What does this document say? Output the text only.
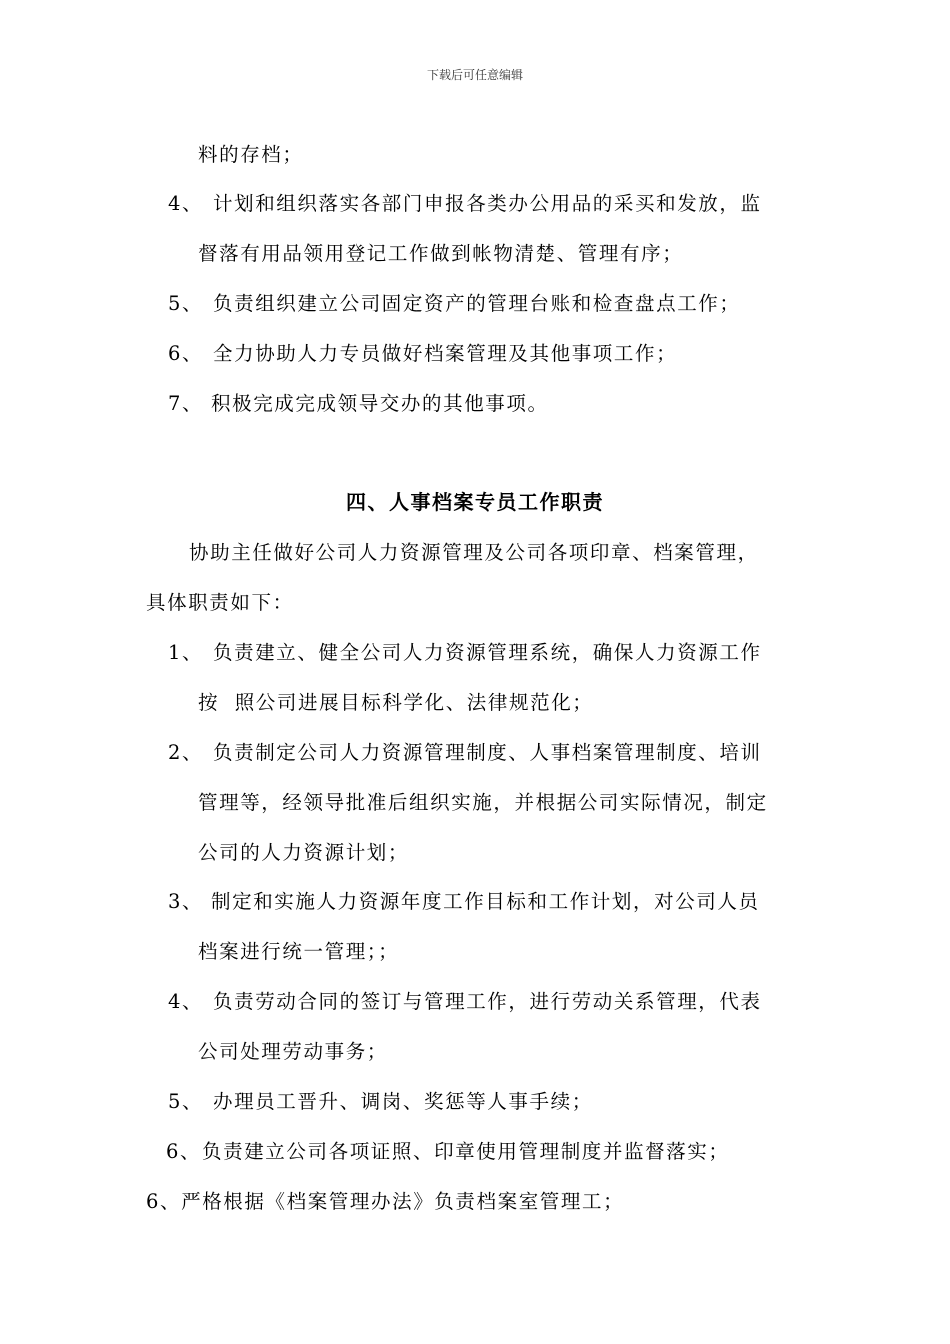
下载后可任意编辑
料的存档；
4、 计划和组织落实各部门申报各类办公用品的采买和发放，监
督落有用品领用登记工作做到帐物清楚、管理有序；
5、 负责组织建立公司固定资产的管理台账和检查盘点工作；
6、 全力协助人力专员做好档案管理及其他事项工作；
7、 积极完成完成领导交办的其他事项。
四、人事档案专员工作职责
协助主任做好公司人力资源管理及公司各项印章、档案管理，
具体职责如下：
1、 负责建立、健全公司人力资源管理系统，确保人力资源工作
按  照公司进展目标科学化、法律规范化；
2、 负责制定公司人力资源管理制度、人事档案管理制度、培训
管理等，经领导批准后组织实施，并根据公司实际情况，制定
公司的人力资源计划；
3、 制定和实施人力资源年度工作目标和工作计划，对公司人员
档案进行统一管理；；
4、 负责劳动合同的签订与管理工作，进行劳动关系管理，代表
公司处理劳动事务；
5、 办理员工晋升、调岗、奖惩等人事手续；
6、 负责建立公司各项证照、印章使用管理制度并监督落实；
6、严格根据《档案管理办法》负责档案室管理工；
